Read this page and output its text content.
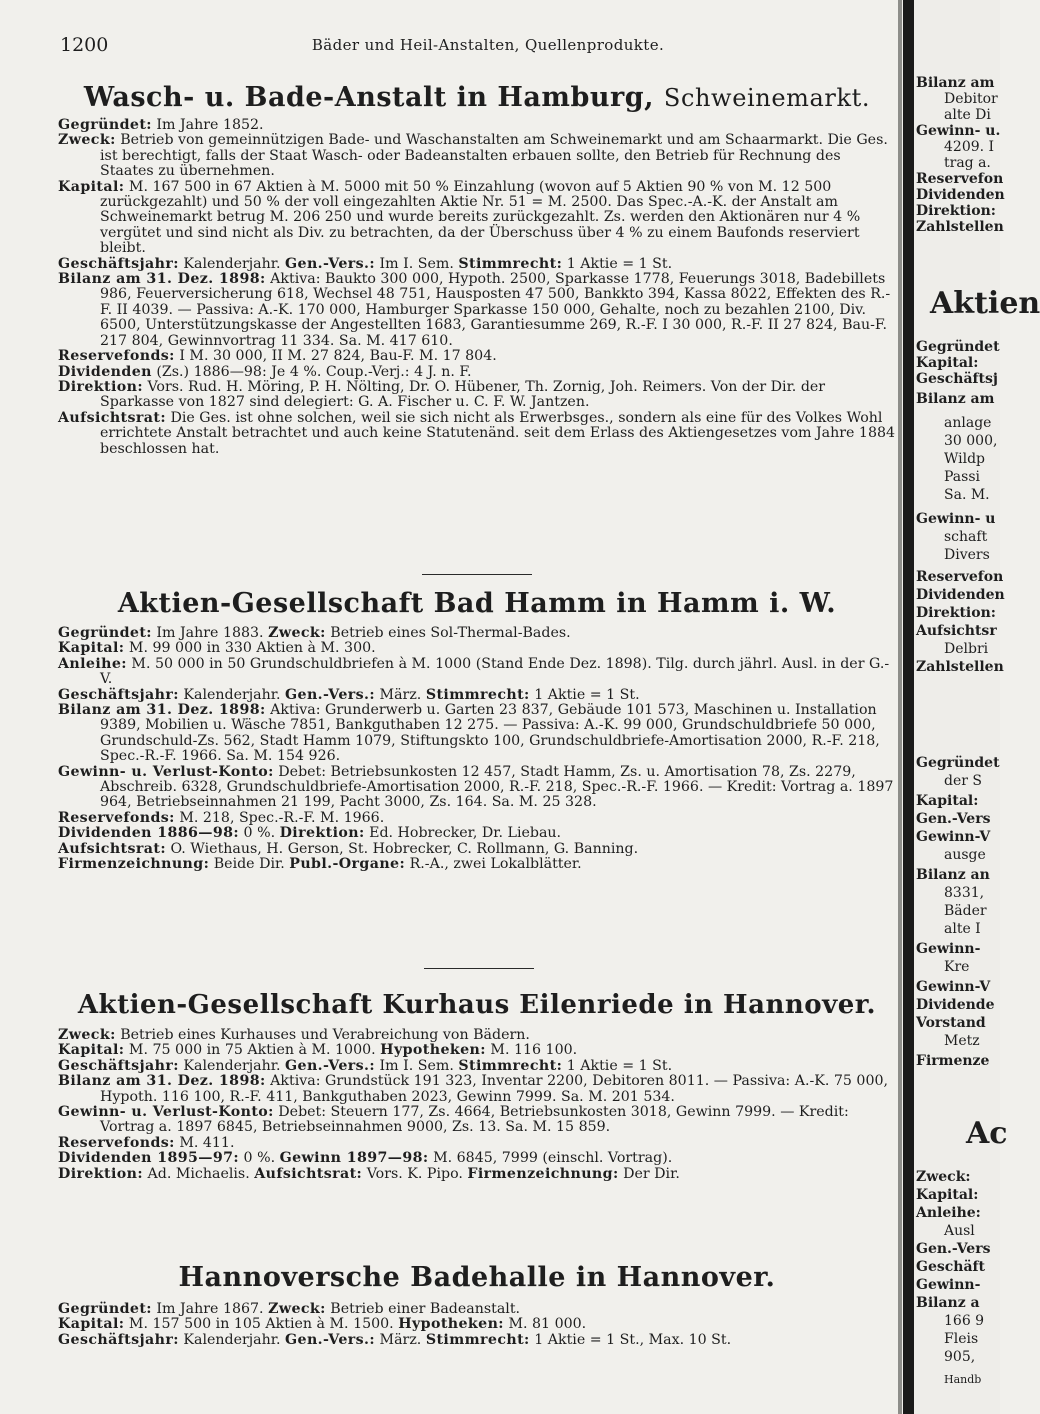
1200	Bäder und Heil-Anstalten, Quellenprodukte.
Wasch- u. Bade-Anstalt in Hamburg, Schweinemarkt.

Gegründet: Im Jahre 1852.

Zweck: Betrieb von gemeinnützigen Bade- und Waschanstalten am Schweinemarkt und am Schaarmarkt. Die Ges. ist berechtigt, falls der Staat Wasch- oder Badeanstalten erbauen sollte, den Betrieb für Rechnung des Staates zu übernehmen.

Kapital: M. 167 500 in 67 Aktien à M. 5000 mit 50 % Einzahlung (wovon auf 5 Aktien 90 % von M. 12 500 zurückgezahlt) und 50 % der voll eingezahlten Aktie Nr. 51 = M. 2500. Das Spec.-A.-K. der Anstalt am Schweinemarkt betrug M. 206 250 und wurde bereits zurückgezahlt. Zs. werden den Aktionären nur 4 % vergütet und sind nicht als Div. zu betrachten, da der Überschuss über 4 % zu einem Baufonds reserviert bleibt.

Geschäftsjahr: Kalenderjahr. Gen.-Vers.: Im I. Sem. Stimmrecht: 1 Aktie = 1 St.

Bilanz am 31. Dez. 1898: Aktiva: Baukto 300 000, Hypoth. 2500, Sparkasse 1778, Feuerungs 3018, Badebillets 986, Feuerversicherung 618, Wechsel 48 751, Hausposten 47 500, Bankkto 394, Kassa 8022, Effekten des R.-F. II 4039. — Passiva: A.-K. 170 000, Hamburger Sparkasse 150 000, Gehalte, noch zu bezahlen 2100, Div. 6500, Unterstützungskasse der Angestellten 1683, Garantiesumme 269, R.-F. I 30 000, R.-F. II 27 824, Bau-F. 217 804, Gewinnvortrag 11 334. Sa. M. 417 610.

Reservefonds: I M. 30 000, II M. 27 824, Bau-F. M. 17 804.

Dividenden (Zs.) 1886—98: Je 4 %. Coup.-Verj.: 4 J. n. F.

Direktion: Vors. Rud. H. Möring, P. H. Nölting, Dr. O. Hübener, Th. Zornig, Joh. Reimers. Von der Dir. der Sparkasse von 1827 sind delegiert: G. A. Fischer u. C. F. W. Jantzen.

Aufsichtsrat: Die Ges. ist ohne solchen, weil sie sich nicht als Erwerbsges., sondern als eine für des Volkes Wohl errichtete Anstalt betrachtet und auch keine Statutenänd. seit dem Erlass des Aktiengesetzes vom Jahre 1884 beschlossen hat.

Aktien-Gesellschaft Bad Hamm in Hamm i. W.

Gegründet: Im Jahre 1883. Zweck: Betrieb eines Sol-Thermal-Bades.

Kapital: M. 99 000 in 330 Aktien à M. 300.

Anleihe: M. 50 000 in 50 Grundschuldbriefen à M. 1000 (Stand Ende Dez. 1898). Tilg. durch jährl. Ausl. in der G.-V.

Geschäftsjahr: Kalenderjahr. Gen.-Vers.: März. Stimmrecht: 1 Aktie = 1 St.

Bilanz am 31. Dez. 1898: Aktiva: Grunderwerb u. Garten 23 837, Gebäude 101 573, Maschinen u. Installation 9389, Mobilien u. Wäsche 7851, Bankguthaben 12 275. — Passiva: A.-K. 99 000, Grundschuldbriefe 50 000, Grundschuld-Zs. 562, Stadt Hamm 1079, Stiftungskto 100, Grundschuldbriefe-Amortisation 2000, R.-F. 218, Spec.-R.-F. 1966. Sa. M. 154 926.

Gewinn- u. Verlust-Konto: Debet: Betriebsunkosten 12 457, Stadt Hamm, Zs. u. Amortisation 78, Zs. 2279, Abschreib. 6328, Grundschuldbriefe-Amortisation 2000, R.-F. 218, Spec.-R.-F. 1966. — Kredit: Vortrag a. 1897 964, Betriebseinnahmen 21 199, Pacht 3000, Zs. 164. Sa. M. 25 328.

Reservefonds: M. 218, Spec.-R.-F. M. 1966.

Dividenden 1886—98: 0 %. Direktion: Ed. Hobrecker, Dr. Liebau.

Aufsichtsrat: O. Wiethaus, H. Gerson, St. Hobrecker, C. Rollmann, G. Banning.

Firmenzeichnung: Beide Dir. Publ.-Organe: R.-A., zwei Lokalblätter.

Aktien-Gesellschaft Kurhaus Eilenriede in Hannover.

Zweck: Betrieb eines Kurhauses und Verabreichung von Bädern.

Kapital: M. 75 000 in 75 Aktien à M. 1000. Hypotheken: M. 116 100.

Geschäftsjahr: Kalenderjahr. Gen.-Vers.: Im I. Sem. Stimmrecht: 1 Aktie = 1 St.

Bilanz am 31. Dez. 1898: Aktiva: Grundstück 191 323, Inventar 2200, Debitoren 8011. — Passiva: A.-K. 75 000, Hypoth. 116 100, R.-F. 411, Bankguthaben 2023, Gewinn 7999. Sa. M. 201 534.

Gewinn- u. Verlust-Konto: Debet: Steuern 177, Zs. 4664, Betriebsunkosten 3018, Gewinn 7999. — Kredit: Vortrag a. 1897 6845, Betriebseinnahmen 9000, Zs. 13. Sa. M. 15 859.

Reservefonds: M. 411.

Dividenden 1895—97: 0 %. Gewinn 1897—98: M. 6845, 7999 (einschl. Vortrag).

Direktion: Ad. Michaelis. Aufsichtsrat: Vors. K. Pipo. Firmenzeichnung: Der Dir.

Hannoversche Badehalle in Hannover.

Gegründet: Im Jahre 1867. Zweck: Betrieb einer Badeanstalt.

Kapital: M. 157 500 in 105 Aktien à M. 1500. Hypotheken: M. 81 000.

Geschäftsjahr: Kalenderjahr. Gen.-Vers.: März. Stimmrecht: 1 Aktie = 1 St., Max. 10 St.

Bilanz am
Debitor
alte Di
Gewinn- u.
4209. I
trag a.
Reservefon
Dividenden
Direktion:
Zahlstellen
Aktien
Gegründet
Kapital:
Geschäftsj
Bilanz am
anlage
30 000,
Wildp
Passi
Sa. M.
Gewinn- u
schaft
Divers
Reservefon
Dividenden
Direktion:
Aufsichtsr
Delbri
Zahlstellen
Gegründet
der S
Kapital:
Gen.-Vers
Gewinn-V
ausge
Bilanz an
8331,
Bäder
alte I
Gewinn-
Kre
Gewinn-V
Dividende
Vorstand
Metz
Firmenze
Ac
Zweck:
Kapital:
Anleihe:
Ausl
Gen.-Vers
Geschäft
Gewinn-
Bilanz a
166 9
Fleis
905,
Handb
